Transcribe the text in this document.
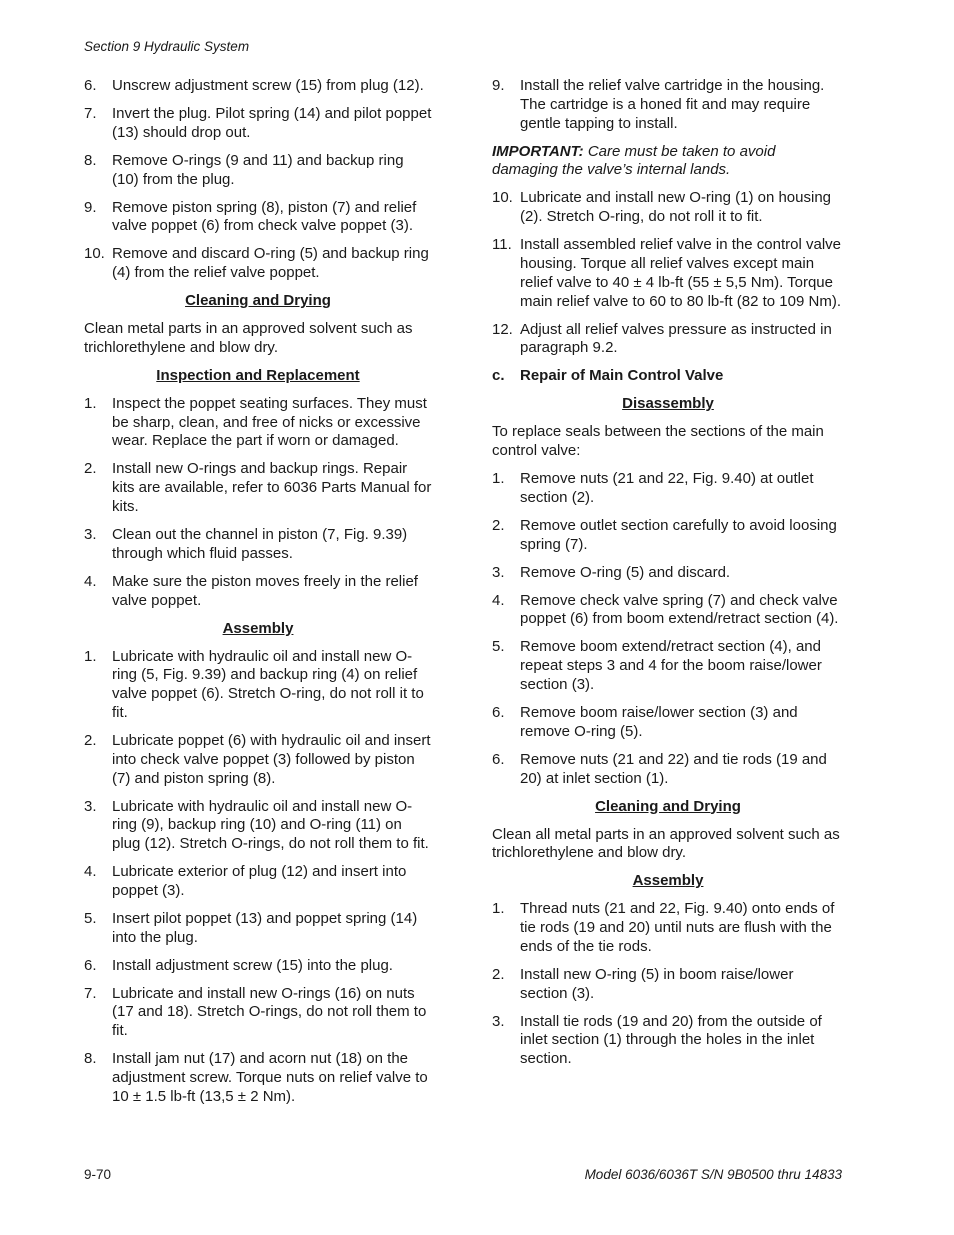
Section 9 Hydraulic System
6.	Unscrew adjustment screw (15) from plug (12).
7.	Invert the plug. Pilot spring (14) and pilot poppet (13) should drop out.
8.	Remove O-rings (9 and 11) and backup ring (10) from the plug.
9.	Remove piston spring (8), piston (7) and relief valve poppet (6) from check valve poppet (3).
10. Remove and discard O-ring (5) and backup ring (4) from the relief valve poppet.
Cleaning and Drying
Clean metal parts in an approved solvent such as trichlorethylene and blow dry.
Inspection and Replacement
1.	Inspect the poppet seating surfaces. They must be sharp, clean, and free of nicks or excessive wear. Replace the part if worn or damaged.
2.	Install new O-rings and backup rings. Repair kits are available, refer to 6036 Parts Manual for kits.
3.	Clean out the channel in piston (7, Fig. 9.39) through which fluid passes.
4.	Make sure the piston moves freely in the relief valve poppet.
Assembly
1.	Lubricate with hydraulic oil and install new O-ring (5, Fig. 9.39) and backup ring (4) on relief valve poppet (6). Stretch O-ring, do not roll it to fit.
2.	Lubricate poppet (6) with hydraulic oil and insert into check valve poppet (3) followed by piston (7) and piston spring (8).
3.	Lubricate with hydraulic oil and install new O-ring (9), backup ring (10) and O-ring (11) on plug (12). Stretch O-rings, do not roll them to fit.
4.	Lubricate exterior of plug (12) and insert into poppet (3).
5.	Insert pilot poppet (13) and poppet spring (14) into the plug.
6.	Install adjustment screw (15) into the plug.
7.	Lubricate and install new O-rings (16) on nuts (17 and 18). Stretch O-rings, do not roll them to fit.
8.	Install jam nut (17) and acorn nut (18) on the adjustment screw. Torque nuts on relief valve to 10 ± 1.5 lb-ft (13,5 ± 2 Nm).
9.	Install the relief valve cartridge in the housing. The cartridge is a honed fit and may require gentle tapping to install.
IMPORTANT: Care must be taken to avoid damaging the valve’s internal lands.
10. Lubricate and install new O-ring (1) on housing (2). Stretch O-ring, do not roll it to fit.
11. Install assembled relief valve in the control valve housing. Torque all relief valves except main relief valve to 40 ± 4 lb-ft (55 ± 5,5 Nm). Torque main relief valve to 60 to 80 lb-ft (82 to 109 Nm).
12. Adjust all relief valves pressure as instructed in paragraph 9.2.
c.	Repair of Main Control Valve
Disassembly
To replace seals between the sections of the main control valve:
1.	Remove nuts (21 and 22, Fig. 9.40) at outlet section (2).
2.	Remove outlet section carefully to avoid loosing spring (7).
3.	Remove O-ring (5) and discard.
4.	Remove check valve spring (7) and check valve poppet (6) from boom extend/retract section (4).
5.	Remove boom extend/retract section (4), and repeat steps 3 and 4 for the boom raise/lower section (3).
6.	Remove boom raise/lower section (3) and remove O-ring (5).
6.	Remove nuts (21 and 22) and tie rods (19 and 20) at inlet section (1).
Cleaning and Drying
Clean all metal parts in an approved solvent such as trichlorethylene and blow dry.
Assembly
1.	Thread nuts (21 and 22, Fig. 9.40) onto ends of tie rods (19 and 20) until nuts are flush with the ends of the tie rods.
2.	Install new O-ring (5) in boom raise/lower section (3).
3.	Install tie rods (19 and 20) from the outside of inlet section (1) through the holes in the inlet section.
9-70	Model 6036/6036T S/N 9B0500 thru 14833
